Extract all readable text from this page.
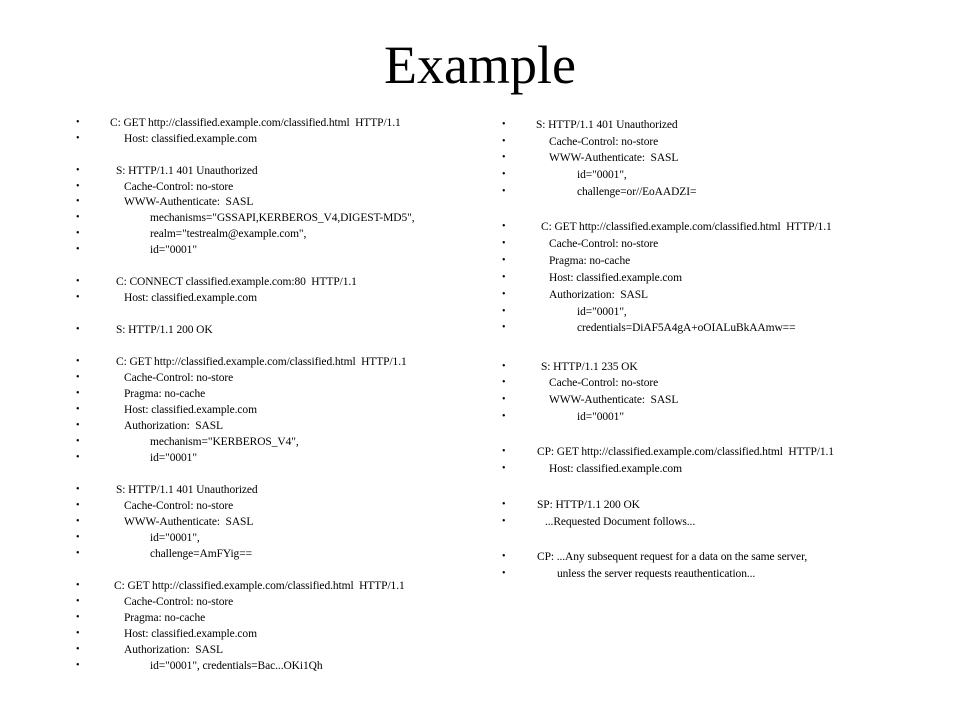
Example
•	C: GET http://classified.example.com/classified.html  HTTP/1.1
•	Host: classified.example.com
•	S: HTTP/1.1 401 Unauthorized
•	Cache-Control: no-store
•	WWW-Authenticate:  SASL
•	mechanisms="GSSAPI,KERBEROS_V4,DIGEST-MD5",
•	realm="testrealm@example.com",
•	id="0001"
•	C: CONNECT classified.example.com:80  HTTP/1.1
•	Host: classified.example.com
•	S: HTTP/1.1 200 OK
•	C: GET http://classified.example.com/classified.html  HTTP/1.1
•	Cache-Control: no-store
•	Pragma: no-cache
•	Host: classified.example.com
•	Authorization:  SASL
•	mechanism="KERBEROS_V4",
•	id="0001"
•	S: HTTP/1.1 401 Unauthorized
•	Cache-Control: no-store
•	WWW-Authenticate:  SASL
•	id="0001",
•	challenge=AmFYig==
•	C: GET http://classified.example.com/classified.html  HTTP/1.1
•	Cache-Control: no-store
•	Pragma: no-cache
•	Host: classified.example.com
•	Authorization:  SASL
•	id="0001", credentials=Bac...OKi1Qh
•	S: HTTP/1.1 401 Unauthorized
•	Cache-Control: no-store
•	WWW-Authenticate:  SASL
•	id="0001",
•	challenge=or//EoAADZI=
•	C: GET http://classified.example.com/classified.html  HTTP/1.1
•	Cache-Control: no-store
•	Pragma: no-cache
•	Host: classified.example.com
•	Authorization:  SASL
•	id="0001",
•	credentials=DiAF5A4gA+oOIALuBkAAmw==
•	S: HTTP/1.1 235 OK
•	Cache-Control: no-store
•	WWW-Authenticate:  SASL
•	id="0001"
•	CP: GET http://classified.example.com/classified.html  HTTP/1.1
•	Host: classified.example.com
•	SP: HTTP/1.1 200 OK
•	...Requested Document follows...
•	CP: ...Any subsequent request for a data on the same server,
•	unless the server requests reauthentication...
